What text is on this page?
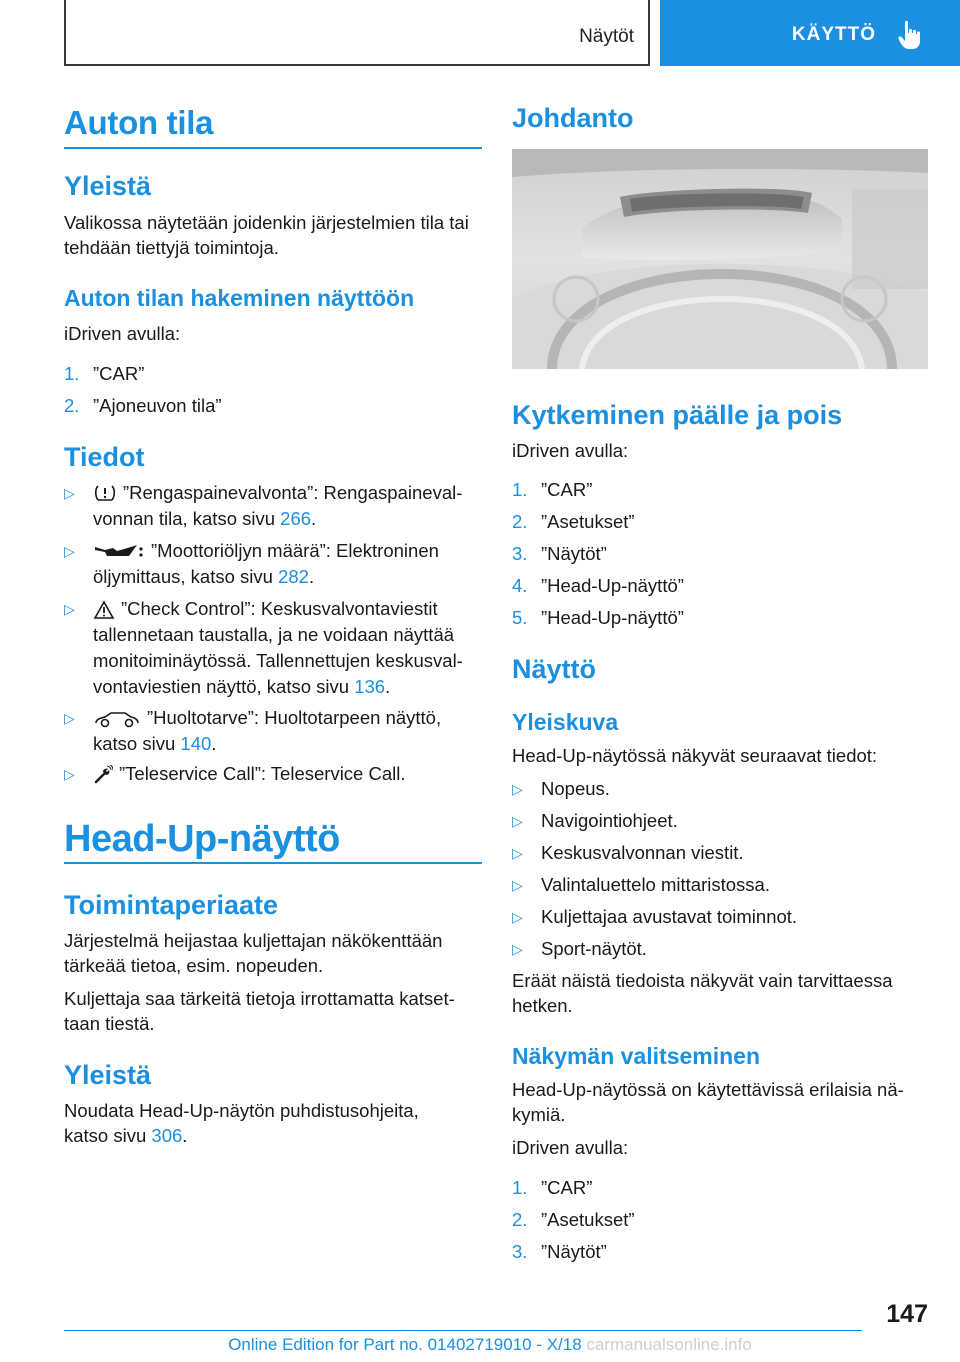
Näytöt	KÄYTTÖ
Auton tila
Yleistä
Valikossa näytetään joidenkin järjestelmien tila tai tehdään tiettyjä toimintoja.
Auton tilan hakeminen näyttöön
iDriven avulla:
1. ”CAR”
2. ”Ajoneuvon tila”
Tiedot
▷	”Rengaspainevalvonta”: Rengaspaineval-
vonnan tila, katso sivu 266.
▷	”Moottoriöljyn määrä”: Elektroninen
öljymittaus, katso sivu 282.
▷	”Check Control”: Keskusvalvontaviestit
tallennetaan taustalla, ja ne voidaan näyttää
monitoiminäytössä. Tallennettujen keskusval-
vontaviestien näyttö, katso sivu 136.
▷	”Huoltotarve”: Huoltotarpeen näyttö,
katso sivu 140.
▷	”Teleservice Call”: Teleservice Call.
Head-Up-näyttö
Toimintaperiaate
Järjestelmä heijastaa kuljettajan näkökenttään
tärkeää tietoa, esim. nopeuden.
Kuljettaja saa tärkeitä tietoja irrottamatta katset-
taan tiestä.
Yleistä
Noudata Head-Up-näytön puhdistusohjeita,
katso sivu 306.
Johdanto
Kytkeminen päälle ja pois
iDriven avulla:
1. ”CAR”
2. ”Asetukset”
3. ”Näytöt”
4. ”Head-Up-näyttö”
5. ”Head-Up-näyttö”
Näyttö
Yleiskuva
Head-Up-näytössä näkyvät seuraavat tiedot:
▷ Nopeus.
▷ Navigointiohjeet.
▷ Keskusvalvonnan viestit.
▷ Valintaluettelo mittaristossa.
▷ Kuljettajaa avustavat toiminnot.
▷ Sport-näytöt.
Eräät näistä tiedoista näkyvät vain tarvittaessa
hetken.
Näkymän valitseminen
Head-Up-näytössä on käytettävissä erilaisia nä-
kymiä.
iDriven avulla:
1. ”CAR”
2. ”Asetukset”
3. ”Näytöt”
147
Online Edition for Part no. 01402719010 - X/18 carmanualsonline.info
